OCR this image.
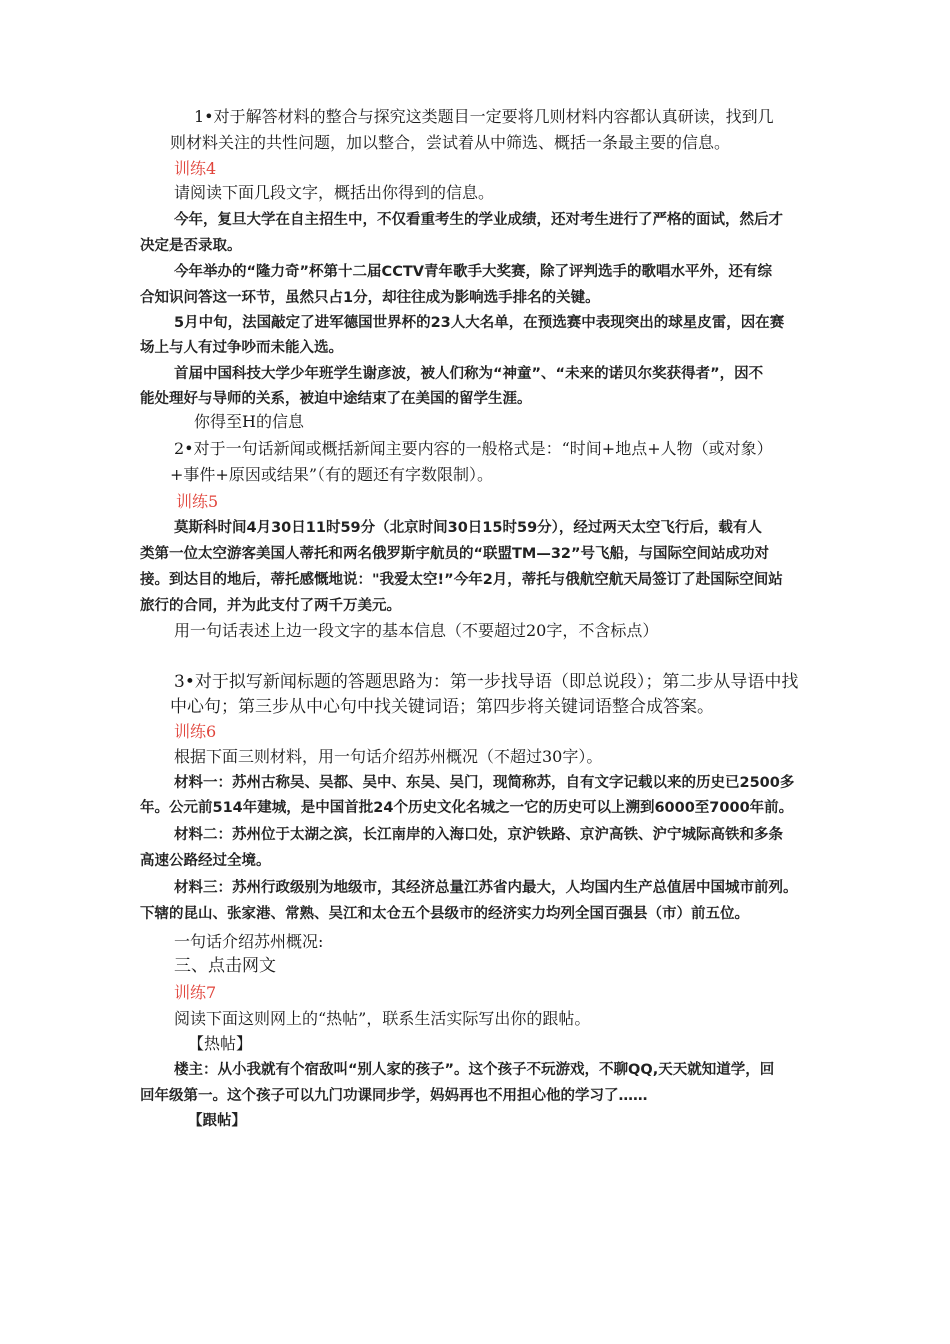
1•对于解答材料的整合与探究这类题目一定要将几则材料内容都认真研读，找到几
则材料关注的共性问题，加以整合，尝试着从中筛选、概括一条最主要的信息。
训练4
请阅读下面几段文字，概括出你得到的信息。
今年，复旦大学在自主招生中，不仅看重考生的学业成绩，还对考生进行了严格的面试，然后才
决定是否录取。
今年举办的“隆力奇”杯第十二届CCTV青年歌手大奖赛，除了评判选手的歌唱水平外，还有综
合知识问答这一环节，虽然只占1分，却往往成为影响选手排名的关键。
5月中旬，法国敲定了进军德国世界杯的23人大名单，在预选赛中表现突出的球星皮雷，因在赛
场上与人有过争吵而未能入选。
首届中国科技大学少年班学生谢彦波，被人们称为“神童”、“未来的诺贝尔奖获得者”，因不
能处理好与导师的关系，被迫中途结束了在美国的留学生涯。
你得至H的信息
2•对于一句话新闻或概括新闻主要内容的一般格式是：“时间+地点+人物（或对象）
+事件+原因或结果”（有的题还有字数限制）。
训练5
莫斯科时间4月30日11时59分（北京时间30日15时59分），经过两天太空飞行后，载有人
类第一位太空游客美国人蒂托和两名俄罗斯宇航员的“联盟TM—32”号飞船，与国际空间站成功对
接。到达目的地后，蒂托感慨地说："我爱太空!”今年2月，蒂托与俄航空航天局签订了赴国际空间站
旅行的合同，并为此支付了两千万美元。
用一句话表述上边一段文字的基本信息（不要超过20字，不含标点）
3•对于拟写新闻标题的答题思路为：第一步找导语（即总说段）；第二步从导语中找
中心句；第三步从中心句中找关键词语；第四步将关键词语整合成答案。
训练6
根据下面三则材料，用一句话介绍苏州概况（不超过30字）。
材料一：苏州古称吴、吴都、吴中、东吴、吴门，现简称苏，自有文字记载以来的历史已2500多
年。公元前514年建城，是中国首批24个历史文化名城之一它的历史可以上溯到6000至7000年前。
材料二：苏州位于太湖之滨，长江南岸的入海口处，京沪铁路、京沪高铁、沪宁城际高铁和多条
高速公路经过全境。
材料三：苏州行政级别为地级市，其经济总量江苏省内最大，人均国内生产总值居中国城市前列。
下辖的昆山、张家港、常熟、吴江和太仓五个县级市的经济实力均列全国百强县（市）前五位。
一句话介绍苏州概况:
三、点击网文
训练7
阅读下面这则网上的“热帖”，联系生活实际写出你的跟帖。
【热帖】
楼主：从小我就有个宿敌叫“别人家的孩子”。这个孩子不玩游戏，不聊QQ,天天就知道学，回
回年级第一。这个孩子可以九门功课同步学，妈妈再也不用担心他的学习了……
【跟帖】
